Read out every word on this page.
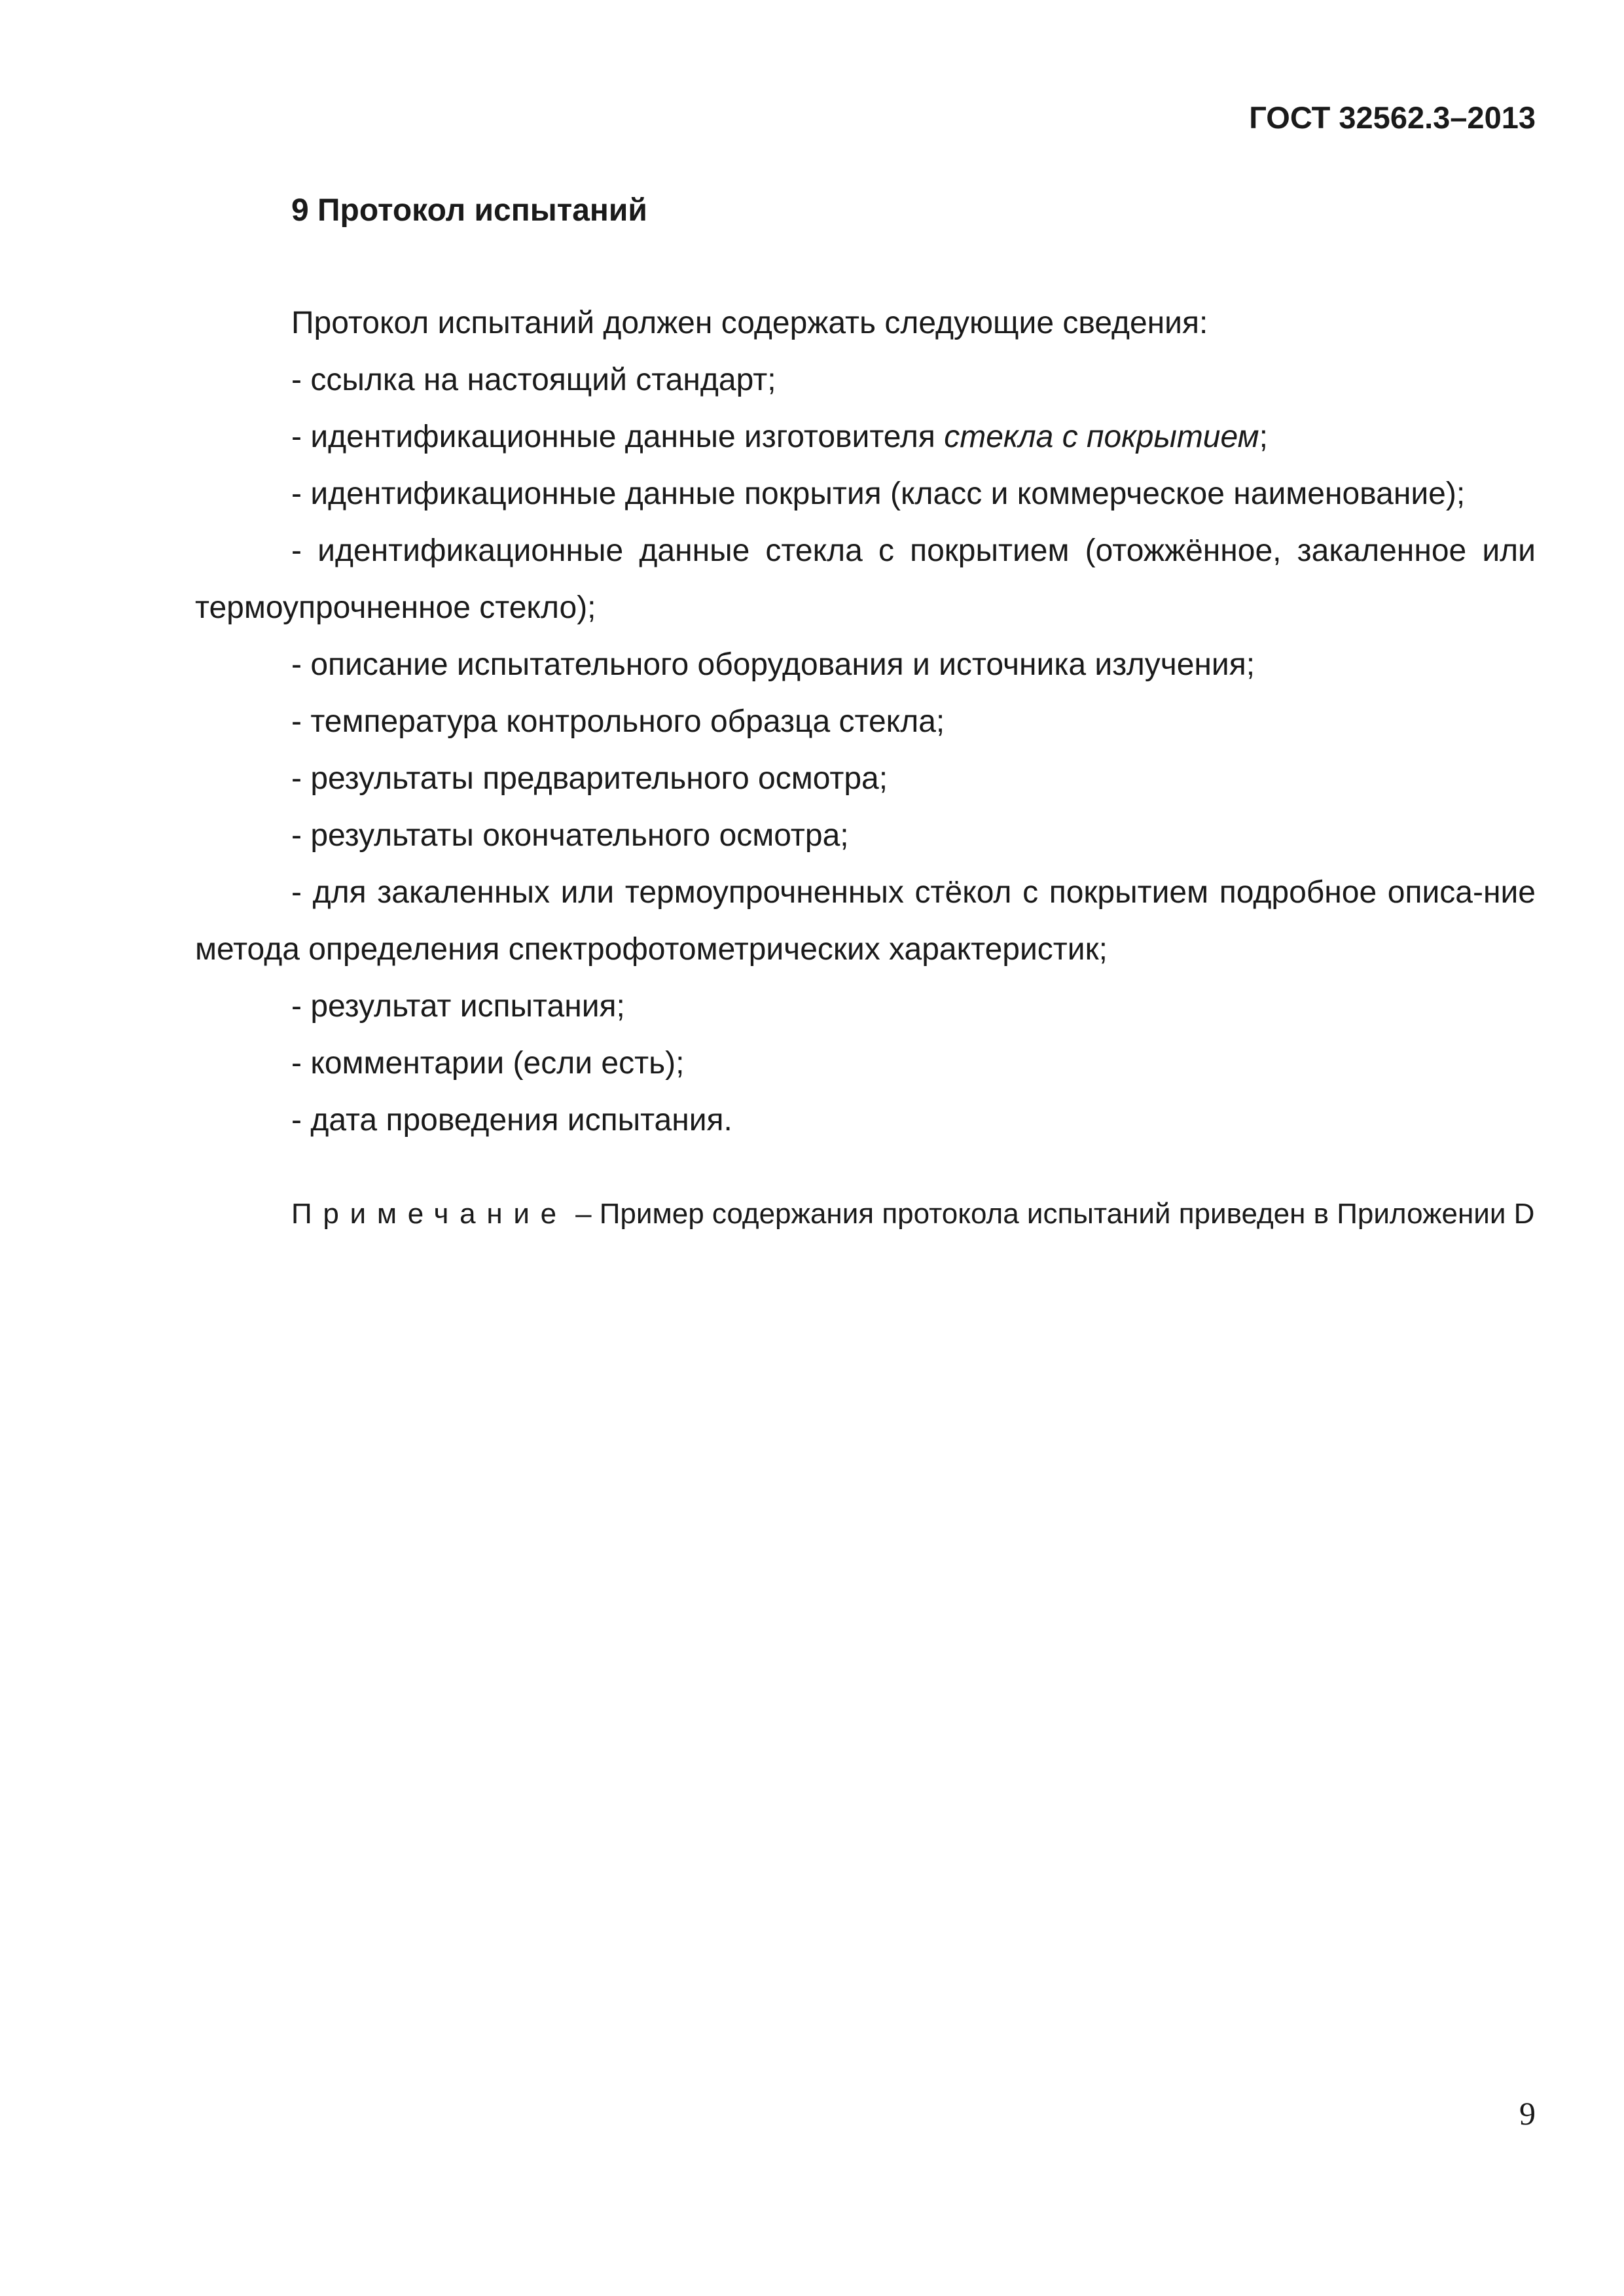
ГОСТ 32562.3–2013
9 Протокол испытаний

Протокол испытаний должен содержать следующие сведения:

- ссылка на настоящий стандарт;

- идентификационные данные изготовителя стекла с покрытием;

- идентификационные данные покрытия (класс и коммерческое наименование);

- идентификационные данные стекла с покрытием (отожжённое, закаленное или термоупрочненное стекло);

- описание испытательного оборудования и источника излучения;

- температура контрольного образца стекла;

- результаты предварительного осмотра;

- результаты окончательного осмотра;

- для закаленных или термоупрочненных стёкол с покрытием подробное описа-ние метода определения спектрофотометрических характеристик;

- результат испытания;

- комментарии (если есть);

- дата проведения испытания.

Примечание – Пример содержания протокола испытаний приведен в Приложении D
9
